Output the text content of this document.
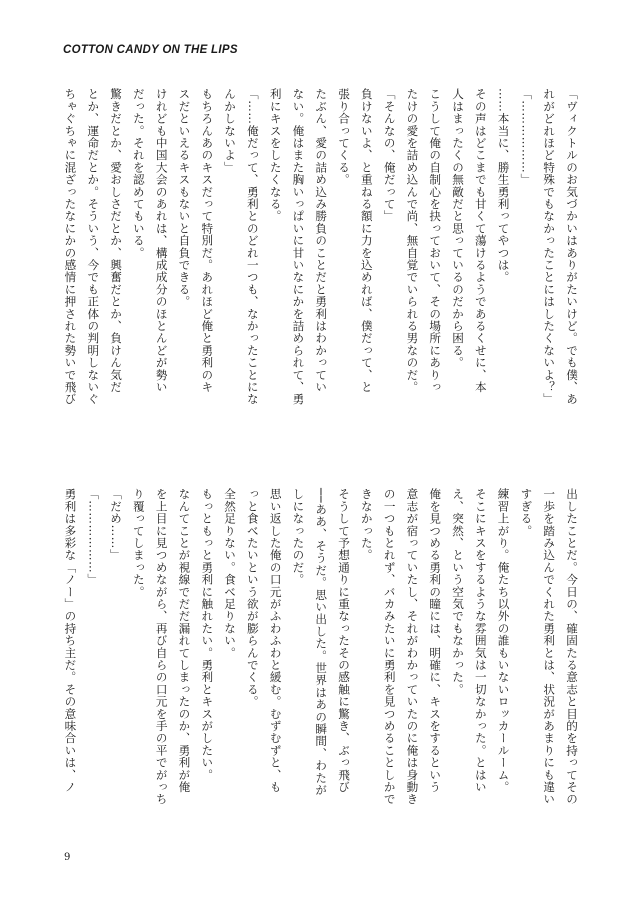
COTTON CANDY ON THE LIPS

「ヴィクトルのお気づかいはありがたいけど。でも僕、あ

れがどれほど特殊でもなかったことにはしたくないよ？」

「………………」

……本当に、勝生勇利ってやつは。

その声はどこまでも甘くて蕩けるようであるくせに、本

人はまったくの無敵だと思っているのだから困る。

こうして俺の自制心を抉っておいて、その場所にありっ

たけの愛を詰め込んで尚、無自覚でいられる男なのだ。

「そんなの、俺だって」

負けないよ、と重ねる額に力を込めれば、僕だって、と

張り合ってくる。

たぶん、愛の詰め込み勝負のことだと勇利はわかってい

ない。俺はまた胸いっぱいに甘いなにかを詰められて、勇

利にキスをしたくなる。

「……俺だって、勇利とのどれ一つも、なかったことにな

んかしないよ」

もちろんあのキスだって特別だ。あれほど俺と勇利のキ

スだといえるキスもないと自負できる。

けれども中国大会のあれは、構成成分のほとんどが勢い

だった。それを認めてもいる。

驚きだとか、愛おしさだとか、興奮だとか、負けん気だ

とか、運命だとか。そういう、今でも正体の判明しないぐ

ちゃぐちゃに混ざったなにかの感情に押された勢いで飛び

出したことだ。今日の、確固たる意志と目的を持ってその

一歩を踏み込んでくれた勇利とは、状況があまりにも違い

すぎる。

練習上がり。俺たち以外の誰もいないロッカールーム。

そこにキスをするような雰囲気は一切なかった。とはい

え、突然、という空気でもなかった。

俺を見つめる勇利の瞳には、明確に、キスをするという

意志が宿っていたし、それがわかっていたのに俺は身動き

の一つもとれず、バカみたいに勇利を見つめることしかで

きなかった。

そうして予想通りに重なったその感触に驚き、ぶっ飛び

──ああ、そうだ。思い出した。世界はあの瞬間、わたが

しになったのだ。

思い返した俺の口元がふわふわと緩む。むずむずと、も

っと食べたいという欲が膨らんでくる。

全然足りない。食べ足りない。

もっともっと勇利に触れたい。勇利とキスがしたい。

なんてことが視線でだだ漏れてしまったのか、勇利が俺

を上目に見つめながら、再び自らの口元を手の平でがっち

り覆ってしまった。

「だめ……」

「………………」

勇利は多彩な「ノー」の持ち主だ。その意味合いは、ノ

9
